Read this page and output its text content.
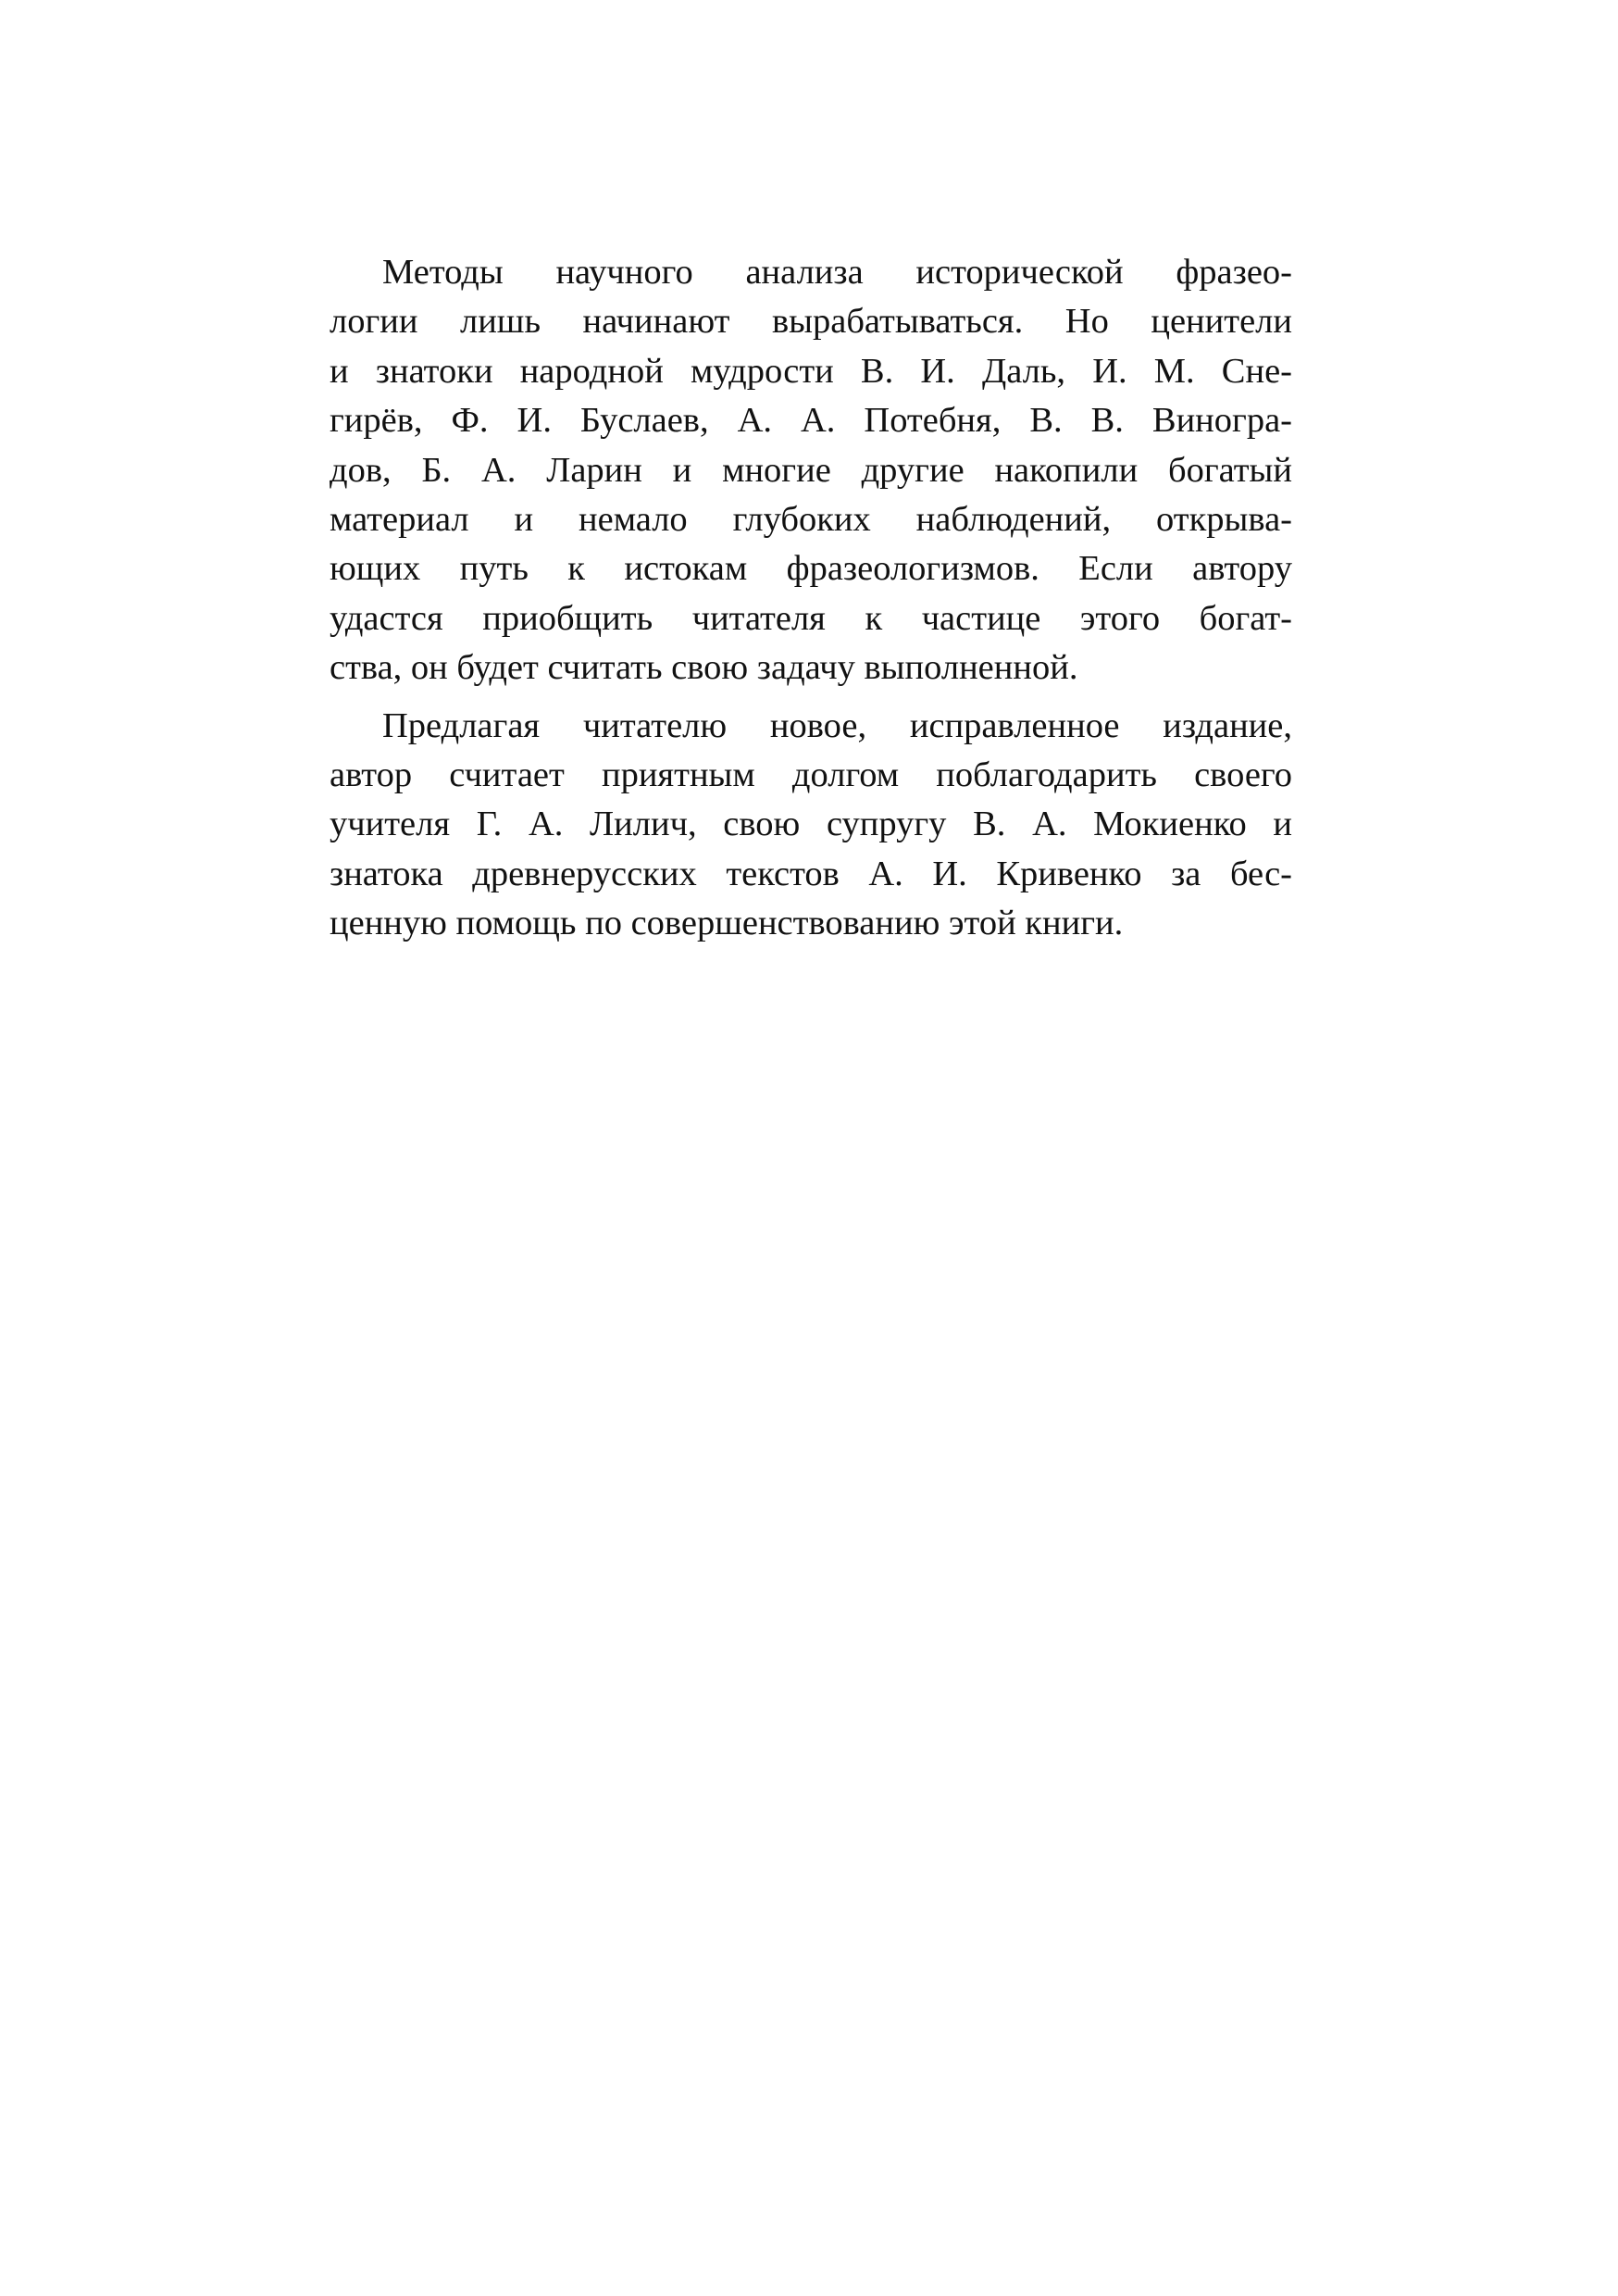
Методы научного анализа исторической фразео-
логии лишь начинают вырабатываться. Но ценители
и знатоки народной мудрости В. И. Даль, И. М. Сне-
гирёв, Ф. И. Буслаев, А. А. Потебня, В. В. Виногра-
дов, Б. А. Ларин и многие другие накопили богатый
материал и немало глубоких наблюдений, открыва-
ющих путь к истокам фразеологизмов. Если автору
удастся приобщить читателя к частице этого богат-
ства, он будет считать свою задачу выполненной.

Предлагая читателю новое, исправленное издание,
автор считает приятным долгом поблагодарить своего
учителя Г. А. Лилич, свою супругу В. А. Мокиенко и
знатока древнерусских текстов А. И. Кривенко за бес-
ценную помощь по совершенствованию этой книги.
